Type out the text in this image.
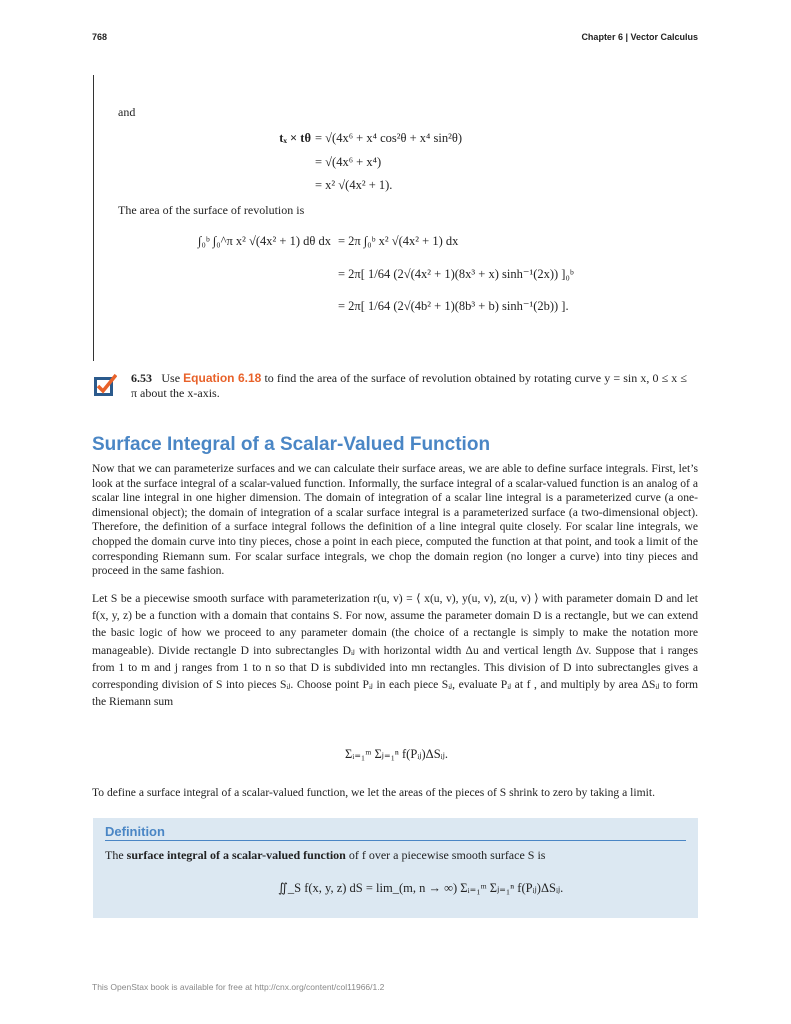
768	Chapter 6 | Vector Calculus
and
tₓ × tθ = √(4x⁶ + x⁴ cos²θ + x⁴ sin²θ)
= √(4x⁶ + x⁴)
= x² √(4x² + 1).
The area of the surface of revolution is
∫₀ᵇ ∫₀^π x² √(4x² + 1) dθ dx = 2π ∫₀ᵇ x² √(4x² + 1) dx
= 2π[ 1/64 (2√(4x² + 1)(8x³ + x) sinh⁻¹(2x)) ]₀ᵇ
= 2π[ 1/64 (2√(4b² + 1)(8b³ + b) sinh⁻¹(2b)) ].
6.53 Use Equation 6.18 to find the area of the surface of revolution obtained by rotating curve y = sin x, 0 ≤ x ≤ π about the x-axis.
Surface Integral of a Scalar-Valued Function
Now that we can parameterize surfaces and we can calculate their surface areas, we are able to define surface integrals. First, let’s look at the surface integral of a scalar-valued function. Informally, the surface integral of a scalar-valued function is an analog of a scalar line integral in one higher dimension. The domain of integration of a scalar line integral is a parameterized curve (a one-dimensional object); the domain of integration of a scalar surface integral is a parameterized surface (a two-dimensional object). Therefore, the definition of a surface integral follows the definition of a line integral quite closely. For scalar line integrals, we chopped the domain curve into tiny pieces, chose a point in each piece, computed the function at that point, and took a limit of the corresponding Riemann sum. For scalar surface integrals, we chop the domain region (no longer a curve) into tiny pieces and proceed in the same fashion.
Let S be a piecewise smooth surface with parameterization r(u, v) = ⟨ x(u, v), y(u, v), z(u, v) ⟩ with parameter domain D and let f(x, y, z) be a function with a domain that contains S. For now, assume the parameter domain D is a rectangle, but we can extend the basic logic of how we proceed to any parameter domain (the choice of a rectangle is simply to make the notation more manageable). Divide rectangle D into subrectangles Dᵢⱼ with horizontal width Δu and vertical length Δv. Suppose that i ranges from 1 to m and j ranges from 1 to n so that D is subdivided into mn rectangles. This division of D into subrectangles gives a corresponding division of S into pieces Sᵢⱼ. Choose point Pᵢⱼ in each piece Sᵢⱼ, evaluate Pᵢⱼ at f , and multiply by area ΔSᵢⱼ to form the Riemann sum
Σᵢ₌₁ᵐ Σⱼ₌₁ⁿ f(Pᵢⱼ)ΔSᵢⱼ.
To define a surface integral of a scalar-valued function, we let the areas of the pieces of S shrink to zero by taking a limit.
Definition
The surface integral of a scalar-valued function of f over a piecewise smooth surface S is
∬_S f(x, y, z) dS = lim_(m, n → ∞) Σᵢ₌₁ᵐ Σⱼ₌₁ⁿ f(Pᵢⱼ)ΔSᵢⱼ.
This OpenStax book is available for free at http://cnx.org/content/col11966/1.2
